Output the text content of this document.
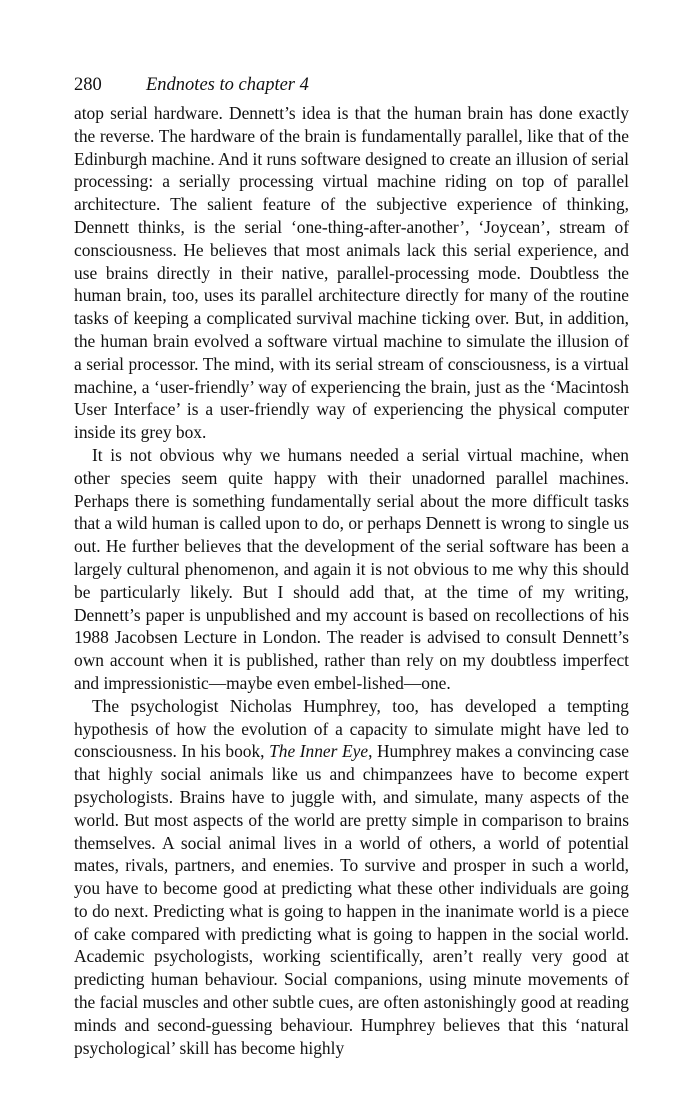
280 Endnotes to chapter 4

atop serial hardware. Dennett’s idea is that the human brain has done exactly the reverse. The hardware of the brain is fundamentally parallel, like that of the Edinburgh machine. And it runs software designed to create an illusion of serial processing: a serially processing virtual machine riding on top of parallel architecture. The salient feature of the subjective experience of thinking, Dennett thinks, is the serial ‘one-thing-after-another’, ‘Joycean’, stream of consciousness. He believes that most animals lack this serial experience, and use brains directly in their native, parallel-processing mode. Doubtless the human brain, too, uses its parallel architecture directly for many of the routine tasks of keeping a complicated survival machine ticking over. But, in addition, the human brain evolved a software virtual machine to simulate the illusion of a serial processor. The mind, with its serial stream of consciousness, is a virtual machine, a ‘user-friendly’ way of experiencing the brain, just as the ‘Macintosh User Interface’ is a user-friendly way of experiencing the physical computer inside its grey box.

It is not obvious why we humans needed a serial virtual machine, when other species seem quite happy with their unadorned parallel machines. Perhaps there is something fundamentally serial about the more difficult tasks that a wild human is called upon to do, or perhaps Dennett is wrong to single us out. He further believes that the development of the serial software has been a largely cultural phenomenon, and again it is not obvious to me why this should be particularly likely. But I should add that, at the time of my writing, Dennett’s paper is unpublished and my account is based on recollections of his 1988 Jacobsen Lecture in London. The reader is advised to consult Dennett’s own account when it is published, rather than rely on my doubtless imperfect and impressionistic—maybe even embel-lished—one.

The psychologist Nicholas Humphrey, too, has developed a tempting hypothesis of how the evolution of a capacity to simulate might have led to consciousness. In his book, The Inner Eye, Humphrey makes a convincing case that highly social animals like us and chimpanzees have to become expert psychologists. Brains have to juggle with, and simulate, many aspects of the world. But most aspects of the world are pretty simple in comparison to brains themselves. A social animal lives in a world of others, a world of potential mates, rivals, partners, and enemies. To survive and prosper in such a world, you have to become good at predicting what these other individuals are going to do next. Predicting what is going to happen in the inanimate world is a piece of cake compared with predicting what is going to happen in the social world. Academic psychologists, working scientifically, aren’t really very good at predicting human behaviour. Social companions, using minute movements of the facial muscles and other subtle cues, are often astonishingly good at reading minds and second-guessing behaviour. Humphrey believes that this ‘natural psychological’ skill has become highly
